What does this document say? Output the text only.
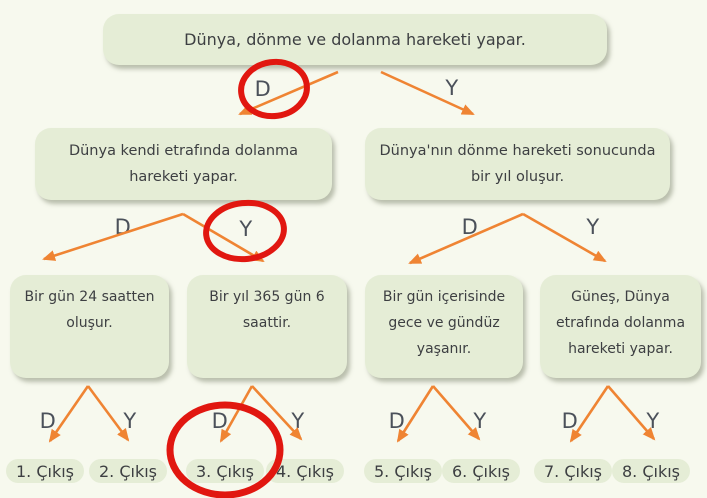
Dünya, dönme ve dolanma hareketi yapar.
D	Y
Dünya kendi etrafında dolanma
hareketi yapar.
Dünya'nın dönme hareketi sonucunda
bir yıl oluşur.
D	Y	D	Y
Bir gün 24 saatten
oluşur.
Bir yıl 365 gün 6
saattir.
Bir gün içerisinde
gece ve gündüz
yaşanır.
Güneş, Dünya
etrafında dolanma
hareketi yapar.
D	Y	D	Y	D	Y	D	Y
1. Çıkış	2. Çıkış	3. Çıkış	4. Çıkış	5. Çıkış	6. Çıkış	7. Çıkış	8. Çıkış
